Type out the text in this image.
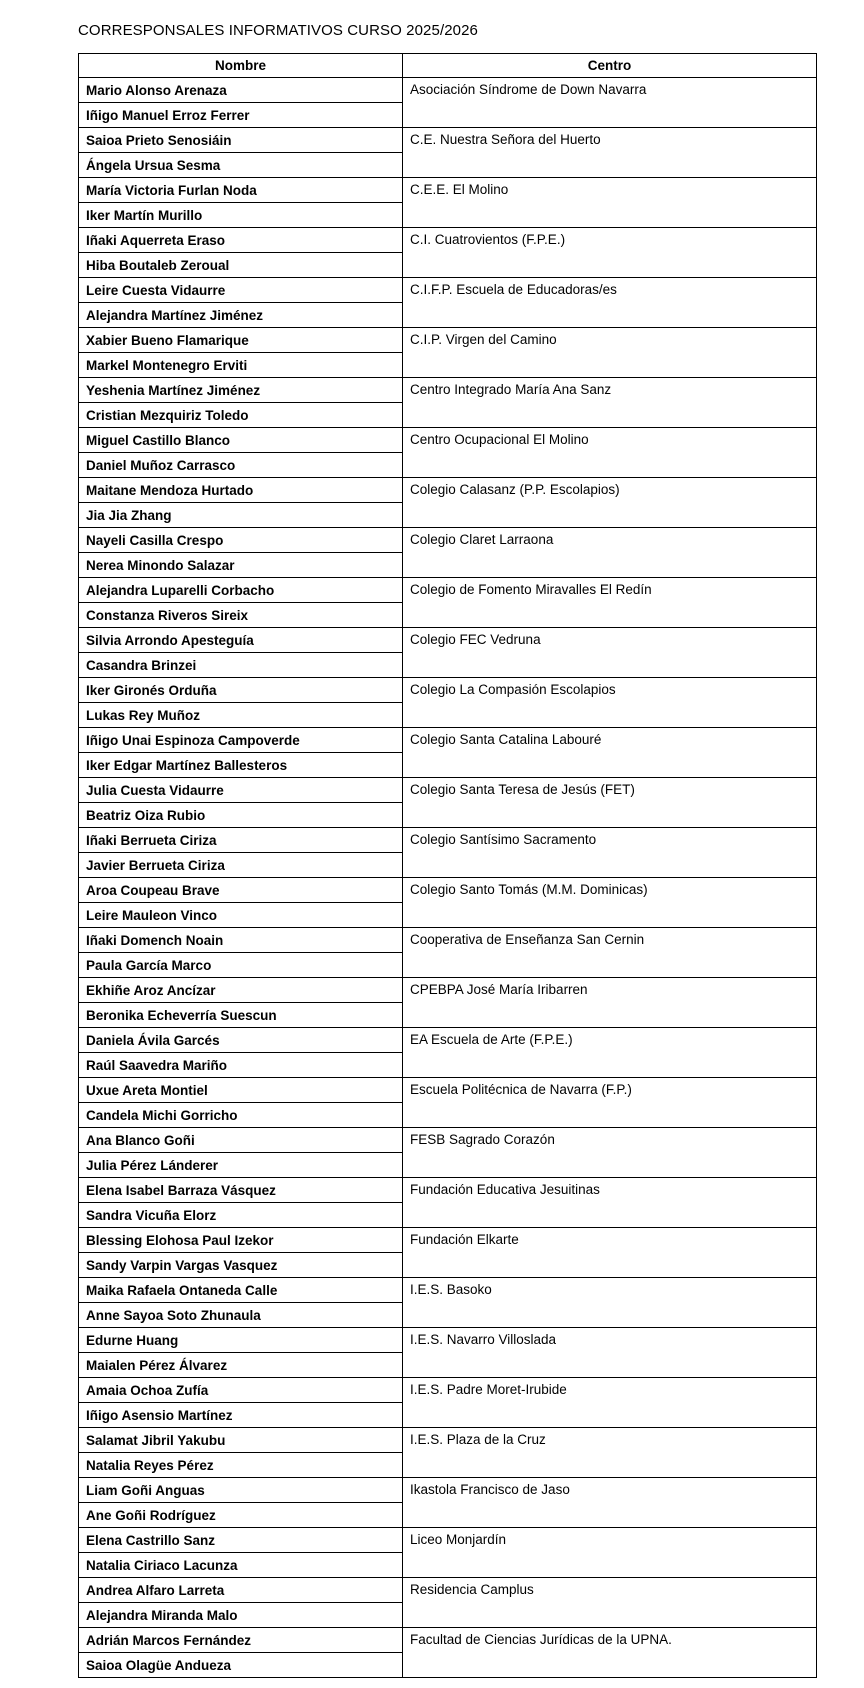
CORRESPONSALES INFORMATIVOS CURSO 2025/2026
Nombre	Centro
Mario Alonso Arenaza	Asociación Síndrome de Down Navarra
Iñigo Manuel Erroz Ferrer	
Saioa Prieto Senosiáin	C.E. Nuestra Señora del Huerto
Ángela Ursua Sesma	
María Victoria Furlan Noda	C.E.E. El Molino
Iker Martín Murillo	
Iñaki Aquerreta Eraso	C.I. Cuatrovientos (F.P.E.)
Hiba Boutaleb Zeroual	
Leire Cuesta Vidaurre	C.I.F.P. Escuela de Educadoras/es
Alejandra Martínez Jiménez	
Xabier Bueno Flamarique	C.I.P. Virgen del Camino
Markel Montenegro Erviti	
Yeshenia Martínez Jiménez	Centro Integrado María Ana Sanz
Cristian Mezquiriz Toledo	
Miguel Castillo Blanco	Centro Ocupacional El Molino
Daniel Muñoz Carrasco	
Maitane Mendoza Hurtado	Colegio Calasanz (P.P. Escolapios)
Jia Jia Zhang	
Nayeli Casilla Crespo	Colegio Claret Larraona
Nerea Minondo Salazar	
Alejandra Luparelli Corbacho	Colegio de Fomento Miravalles El Redín
Constanza Riveros Sireix	
Silvia Arrondo Apesteguía	Colegio FEC Vedruna
Casandra Brinzei	
Iker Gironés Orduña	Colegio La Compasión Escolapios
Lukas Rey Muñoz	
Iñigo Unai Espinoza Campoverde	Colegio Santa Catalina Labouré
Iker Edgar Martínez Ballesteros	
Julia Cuesta Vidaurre	Colegio Santa Teresa de Jesús (FET)
Beatriz Oiza Rubio	
Iñaki Berrueta Ciriza	Colegio Santísimo Sacramento
Javier Berrueta Ciriza	
Aroa Coupeau Brave	Colegio Santo Tomás (M.M. Dominicas)
Leire Mauleon Vinco	
Iñaki Domench Noain	Cooperativa de Enseñanza San Cernin
Paula García Marco	
Ekhiñe Aroz Ancízar	CPEBPA José María Iribarren
Beronika Echeverría Suescun	
Daniela Ávila Garcés	EA Escuela de Arte (F.P.E.)
Raúl Saavedra Mariño	
Uxue Areta Montiel	Escuela Politécnica de Navarra (F.P.)
Candela Michi Gorricho	
Ana Blanco Goñi	FESB Sagrado Corazón
Julia Pérez Lánderer	
Elena Isabel Barraza Vásquez	Fundación Educativa Jesuitinas
Sandra Vicuña Elorz	
Blessing Elohosa Paul Izekor	Fundación Elkarte
Sandy Varpin Vargas Vasquez	
Maika Rafaela Ontaneda Calle	I.E.S. Basoko
Anne Sayoa Soto Zhunaula	
Edurne Huang	I.E.S. Navarro Villoslada
Maialen Pérez Álvarez	
Amaia Ochoa Zufía	I.E.S. Padre Moret-Irubide
Iñigo Asensio Martínez	
Salamat Jibril Yakubu	I.E.S. Plaza de la Cruz
Natalia Reyes Pérez	
Liam Goñi Anguas	Ikastola Francisco de Jaso
Ane Goñi Rodríguez	
Elena Castrillo Sanz	Liceo Monjardín
Natalia Ciriaco Lacunza	
Andrea Alfaro Larreta	Residencia Camplus
Alejandra Miranda Malo	
Adrián Marcos Fernández	Facultad de Ciencias Jurídicas de la UPNA.
Saioa Olagüe Andueza	
